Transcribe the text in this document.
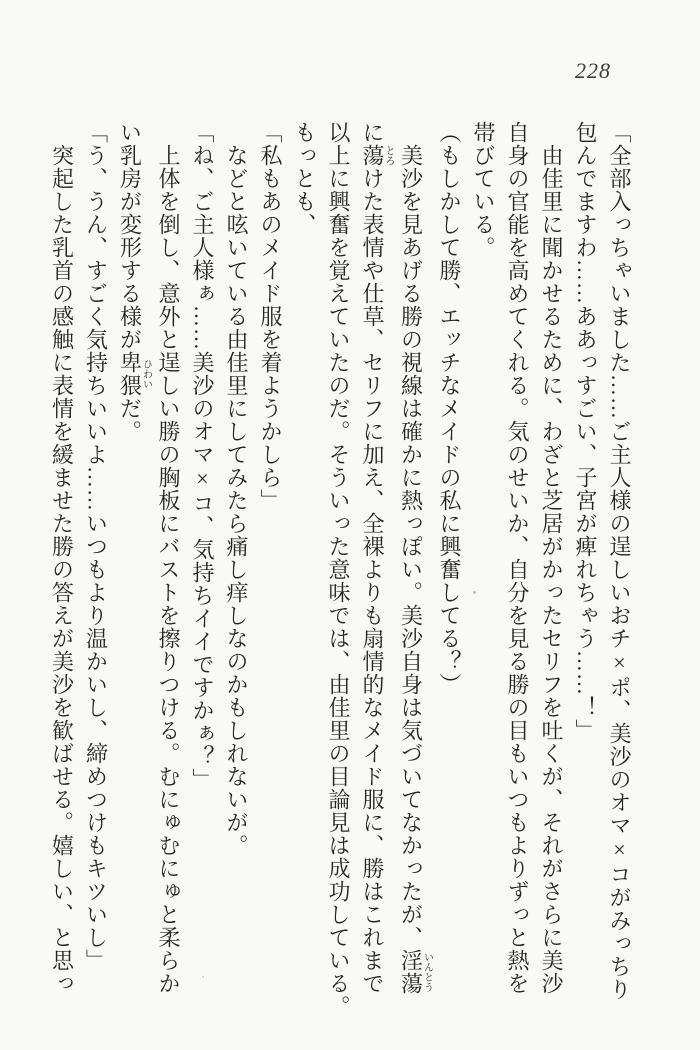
228

「全部入っちゃいました……ご主人様の逞しいおチ×ポ、美沙のオマ×コがみっちり

包んでますわ……ああっすごい、子宮が痺れちゃう……！」

由佳里に聞かせるために、わざと芝居がかったセリフを吐くが、それがさらに美沙

自身の官能を高めてくれる。気のせいか、自分を見る勝の目もいつもよりずっと熱を

帯びている。

（もしかして勝、エッチなメイドの私に興奮してる？）

美沙を見あげる勝の視線は確かに熱っぽい。美沙自身は気づいてなかったが、淫蕩いんとう

に蕩とろけた表情や仕草、セリフに加え、全裸よりも扇情的なメイド服に、勝はこれまで

以上に興奮を覚えていたのだ。そういった意味では、由佳里の目論見は成功している。

もっとも、

「私もあのメイド服を着ようかしら」

などと呟いている由佳里にしてみたら痛し痒しなのかもしれないが。

「ね、ご主人様ぁ……美沙のオマ×コ、気持ちイイですかぁ？」

上体を倒し、意外と逞しい勝の胸板にバストを擦りつける。むにゅむにゅと柔らか

い乳房が変形する様が卑猥ひわいだ。

「う、うん、すごく気持ちいいよ……いつもより温かいし、締めつけもキツいし」

突起した乳首の感触に表情を緩ませた勝の答えが美沙を歓ばせる。嬉しい、と思っ
